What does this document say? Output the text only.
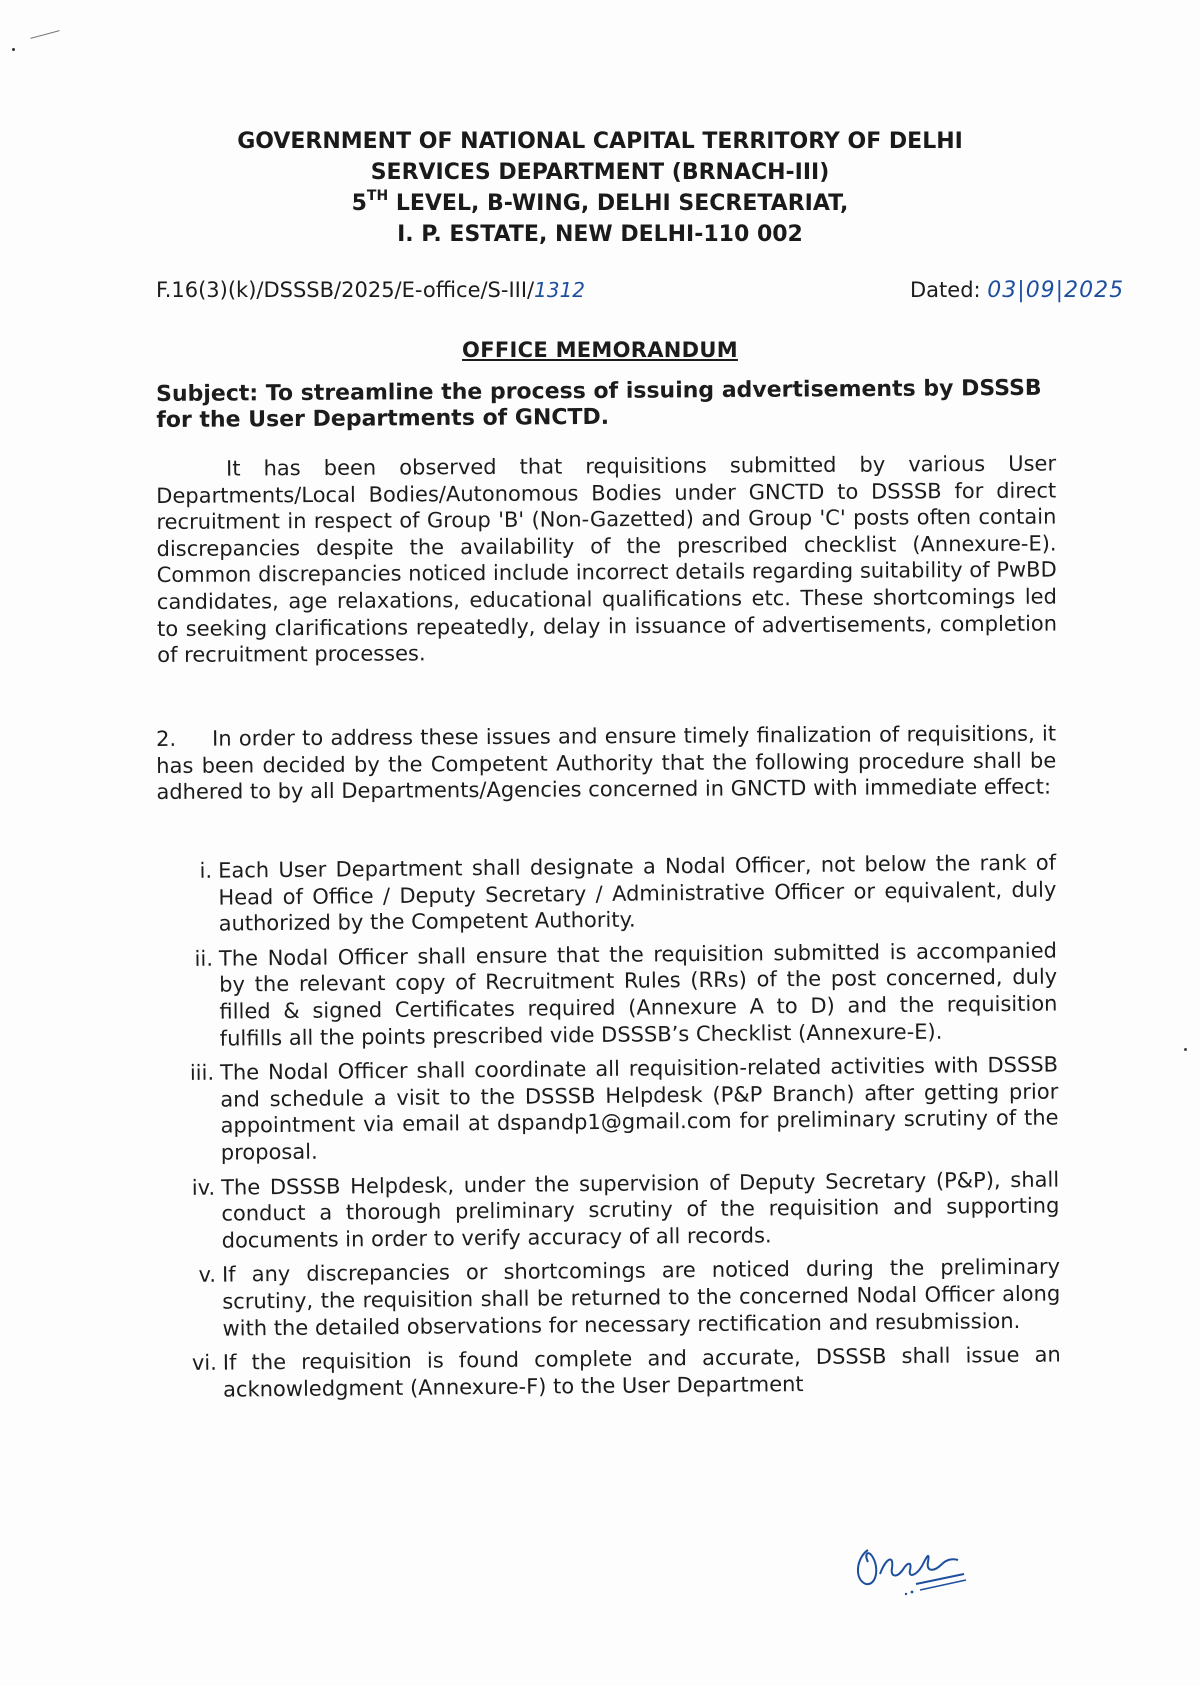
GOVERNMENT OF NATIONAL CAPITAL TERRITORY OF DELHI
SERVICES DEPARTMENT (BRNACH-III)
5TH LEVEL, B-WING, DELHI SECRETARIAT,
I. P. ESTATE, NEW DELHI-110 002
F.16(3)(k)/DSSSB/2025/E-office/S-III/1312	Dated: 03|09|2025
OFFICE MEMORANDUM
Subject: To streamline the process of issuing advertisements by DSSSB for the User Departments of GNCTD.
It has been observed that requisitions submitted by various User Departments/Local Bodies/Autonomous Bodies under GNCTD to DSSSB for direct recruitment in respect of Group 'B' (Non-Gazetted) and Group 'C' posts often contain discrepancies despite the availability of the prescribed checklist (Annexure-E). Common discrepancies noticed include incorrect details regarding suitability of PwBD candidates, age relaxations, educational qualifications etc. These shortcomings led to seeking clarifications repeatedly, delay in issuance of advertisements, completion of recruitment processes.
2. In order to address these issues and ensure timely finalization of requisitions, it has been decided by the Competent Authority that the following procedure shall be adhered to by all Departments/Agencies concerned in GNCTD with immediate effect:
i. Each User Department shall designate a Nodal Officer, not below the rank of Head of Office / Deputy Secretary / Administrative Officer or equivalent, duly authorized by the Competent Authority.
ii. The Nodal Officer shall ensure that the requisition submitted is accompanied by the relevant copy of Recruitment Rules (RRs) of the post concerned, duly filled & signed Certificates required (Annexure A to D) and the requisition fulfills all the points prescribed vide DSSSB’s Checklist (Annexure-E).
iii. The Nodal Officer shall coordinate all requisition-related activities with DSSSB and schedule a visit to the DSSSB Helpdesk (P&P Branch) after getting prior appointment via email at dspandp1@gmail.com for preliminary scrutiny of the proposal.
iv. The DSSSB Helpdesk, under the supervision of Deputy Secretary (P&P), shall conduct a thorough preliminary scrutiny of the requisition and supporting documents in order to verify accuracy of all records.
v. If any discrepancies or shortcomings are noticed during the preliminary scrutiny, the requisition shall be returned to the concerned Nodal Officer along with the detailed observations for necessary rectification and resubmission.
vi. If the requisition is found complete and accurate, DSSSB shall issue an acknowledgment (Annexure-F) to the User Department
